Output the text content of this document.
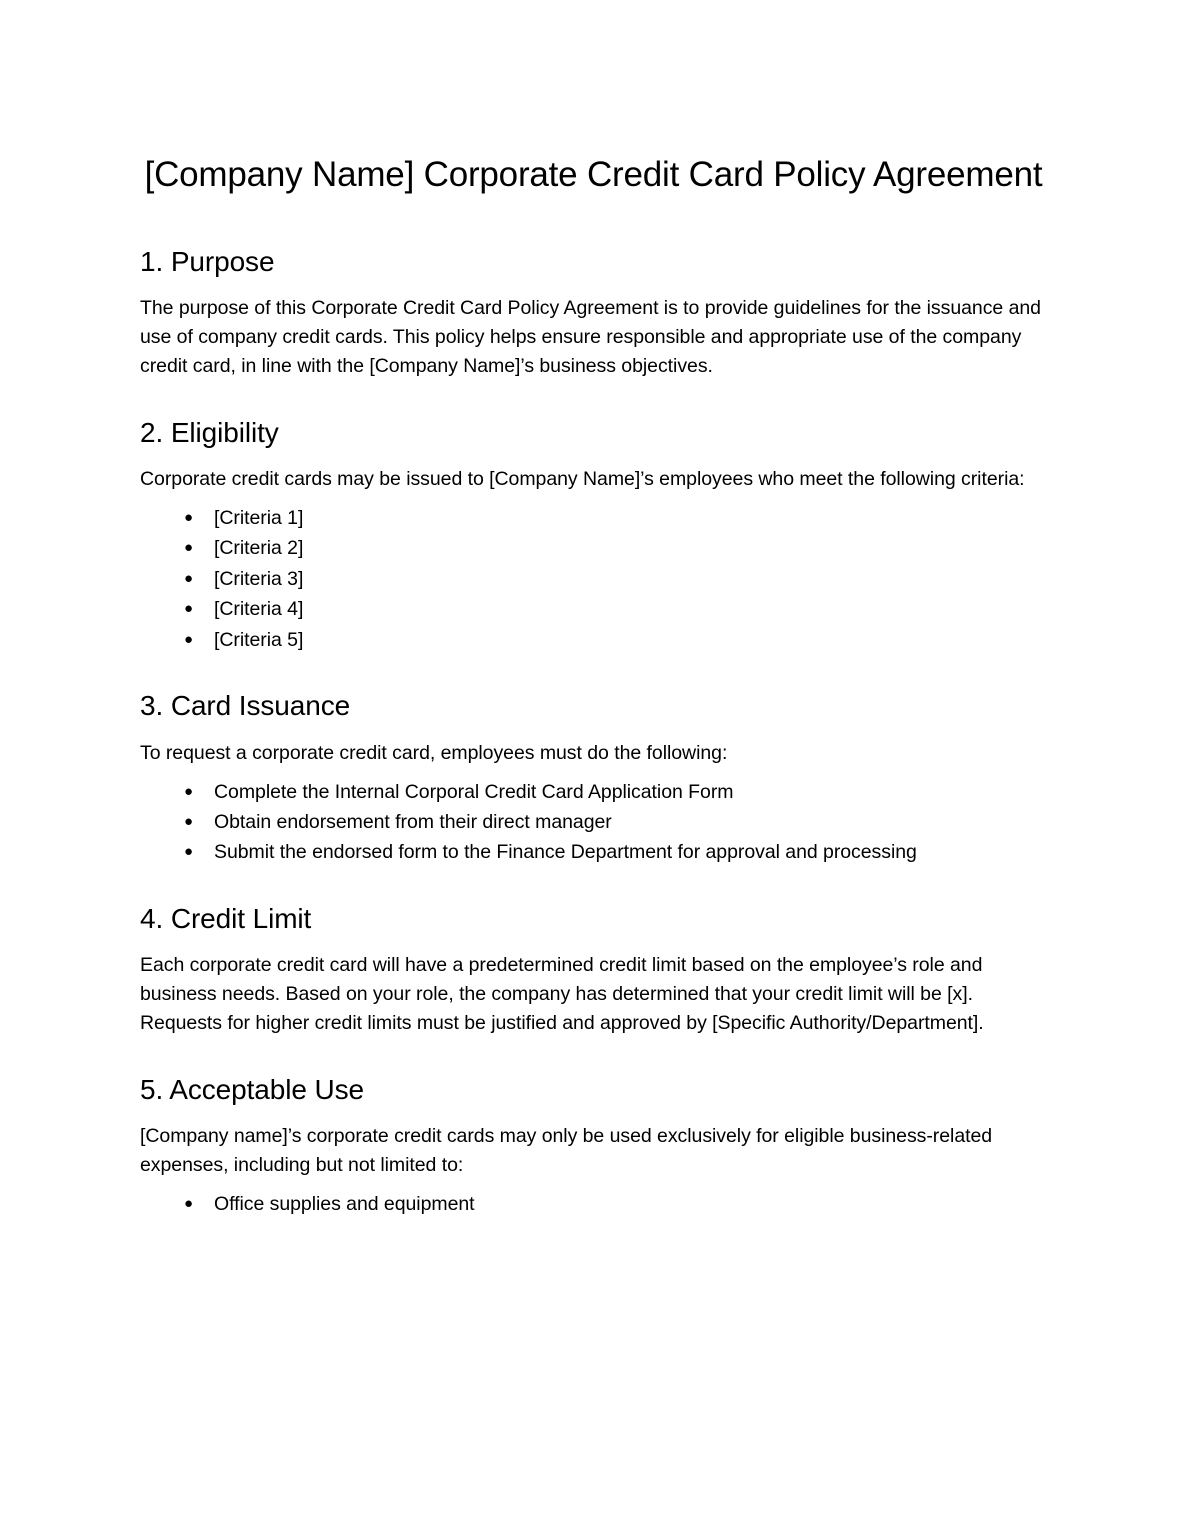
[Company Name] Corporate Credit Card Policy Agreement
1. Purpose

The purpose of this Corporate Credit Card Policy Agreement is to provide guidelines for the issuance and use of company credit cards. This policy helps ensure responsible and appropriate use of the company credit card, in line with the [Company Name]’s business objectives.

2. Eligibility

Corporate credit cards may be issued to [Company Name]’s employees who meet the following criteria:

● [Criteria 1]
● [Criteria 2]
● [Criteria 3]
● [Criteria 4]
● [Criteria 5]
3. Card Issuance

To request a corporate credit card, employees must do the following:

● Complete the Internal Corporal Credit Card Application Form
● Obtain endorsement from their direct manager
● Submit the endorsed form to the Finance Department for approval and processing
4. Credit Limit

Each corporate credit card will have a predetermined credit limit based on the employee’s role and business needs. Based on your role, the company has determined that your credit limit will be [x]. Requests for higher credit limits must be justified and approved by [Specific Authority/Department].

5. Acceptable Use

[Company name]’s corporate credit cards may only be used exclusively for eligible business-related expenses, including but not limited to:

● Office supplies and equipment
